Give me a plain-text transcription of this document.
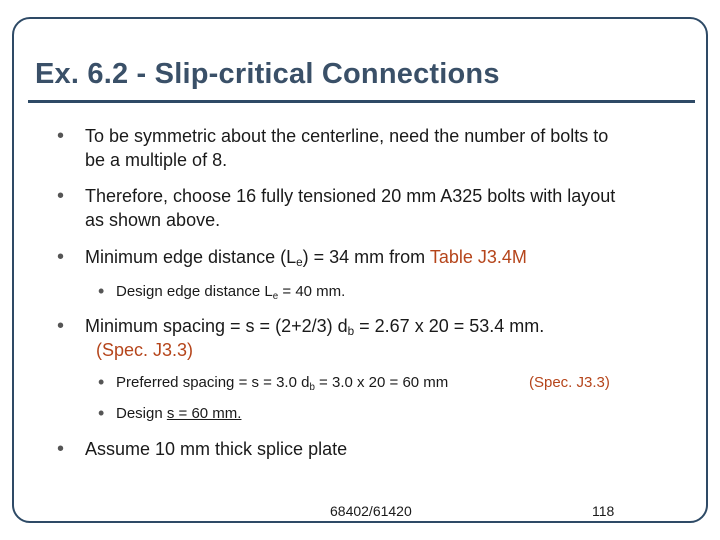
Ex. 6.2 - Slip-critical Connections
• To be symmetric about the centerline, need the number of bolts to
be a multiple of 8.
• Therefore, choose 16 fully tensioned 20 mm A325 bolts with layout
as shown above.
• Minimum edge distance $(L_e) = 34$ mm from Table J3.4M
• Design edge distance $L_e = 40$ mm.
• Minimum spacing = s = (2+2/3) $d_b = 2.67$ x 20 = 53.4 mm.
(Spec. J3.3)
• Preferred spacing = s = 3.0 $d_b = 3.0$ x 20 = 60 mm	(Spec. J3.3)
• Design s = 60 mm.
• Assume 10 mm thick splice plate
68402/61420	118
